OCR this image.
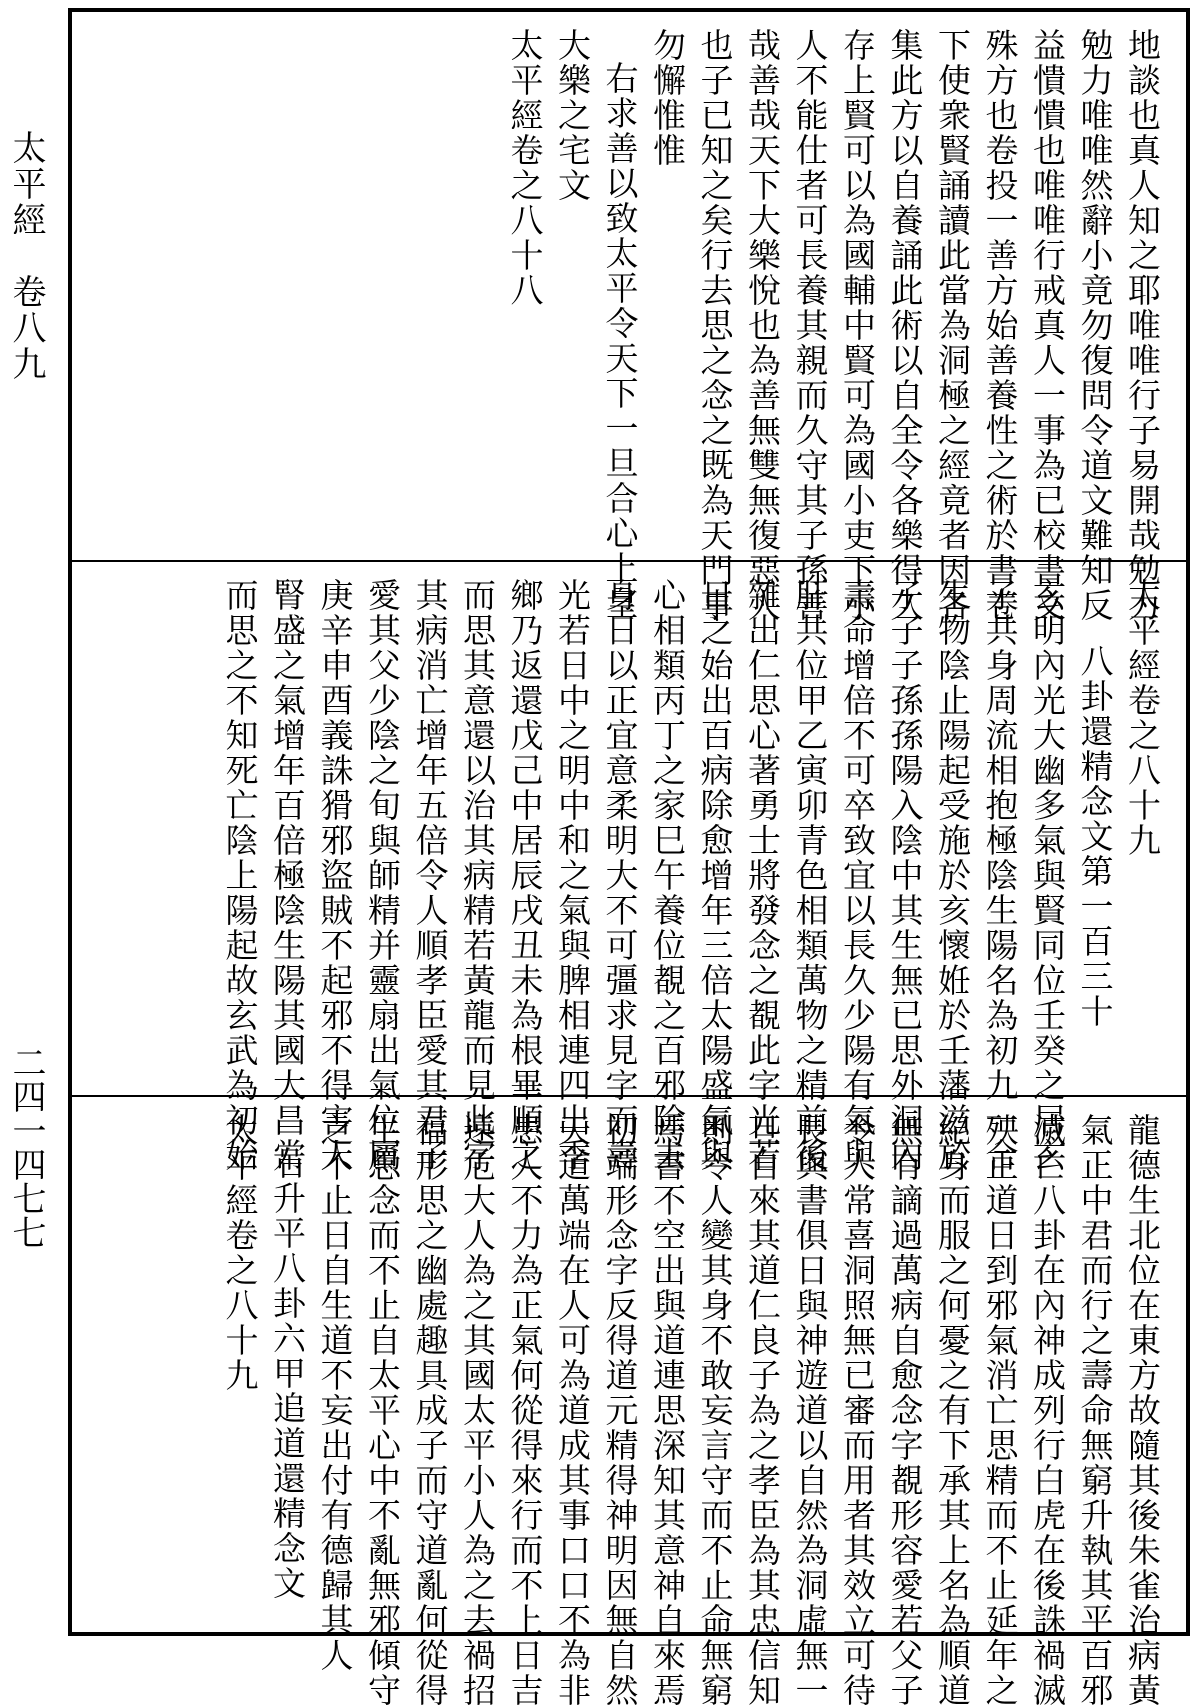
太平經　卷八九
二四一四七七
地談也真人知之耶唯唯行子易開哉勉力
勉力唯唯然辭小竟勿復問令道文難知反
益憒憒也唯唯行戒真人一事為已校書文
殊方也卷投一善方始善養性之術於書卷
下使衆賢誦讀此當為洞極之經竟者因各
集此方以自養誦此術以自全令各樂得久
存上賢可以為國輔中賢可為國小吏下小
人不能仕者可長養其親而久守其子孫善
哉善哉天下大樂悅也為善無雙無復惡人
也子已知之矣行去思之念之既為天門事
勿懈惟惟
右求善以致太平令天下一旦合心上皇
大樂之宅文
太平經卷之八十八
太平經卷之八十九
八卦還精念文第一百三十
玄明內光大幽多氣與賢同位壬癸之居玄
子共身周流相抱極陰生陽名為初九一合
生物陰止陽起受施於亥懷姙於壬藩滋於
子子子孫孫陽入陰中其生無已思外洞內
壽命增倍不可卒致宜以長久少陽有氣與
肝共位甲乙寅卯青色相類萬物之精前後
雜出仁思心著勇士將發念之覩此字光若
日之始出百病除愈增年三倍太陽盛氣與
心相類丙丁之家巳午養位覩之百邪除去
身日以正宜意柔明大不可彊求見字而壽
光若日中之明中和之氣與脾相連四出季
鄉乃返還戊己中居辰戌丑未為根畢順之
而思其意還以治其病精若黃龍而見此字
其病消亡增年五倍令人順孝臣愛其君子
愛其父少陰之旬與師精并靈扇出氣位屬
庚辛申酉義誅猾邪盜賊不起邪不得害人
腎盛之氣增年百倍極陰生陽其國大昌常
而思之不知死亡陰上陽起故玄武為初始
龍德生北位在東方故隨其後朱雀治病黃
氣正中君而行之壽命無窮升執其平百邪
滅亡八卦在內神成列行白虎在後誅禍滅
殃正道日到邪氣消亡思精而不止延年之
紀身而服之何憂之有下承其上名為順道
無有謫過萬病自愈念字覩形容愛若父子
令人常喜洞照無已審而用者其效立可待
長與書俱日與神遊道以自然為洞虛無一
旦自來其道仁良子為之孝臣為其忠信知
則令人變其身不敢妄言守而不止命無窮
焉書不空出與道連思深知其意神自來焉
初端形念字反得道元精得神明因無自然
天道萬端在人可為道成其事口口不為非
患人不力為正氣何從得來行而不上日吉
遠危大人為之其國太平小人為之去禍招
福形思之幽處趣具成子而守道亂何從得
生思念而不止自太平心中不亂無邪傾守
之不止日自生道不妄出付有德歸其人
右升平八卦六甲追道還精念文
太平經卷之八十九
